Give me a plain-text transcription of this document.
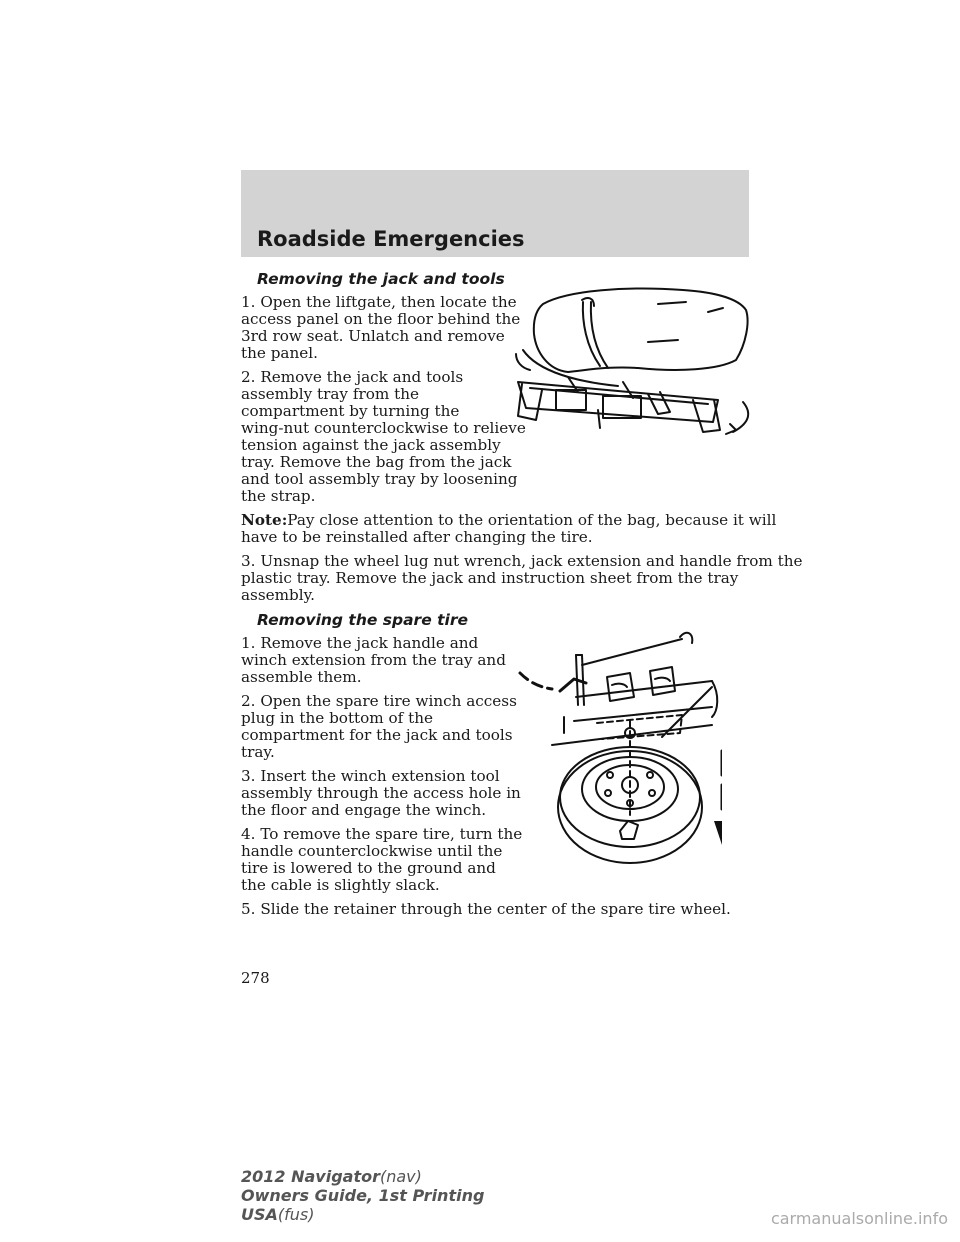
Roadside Emergencies
Removing the jack and tools

1. Open the liftgate, then locate the

access panel on the floor behind the

3rd row seat. Unlatch and remove

the panel.

2. Remove the jack and tools

assembly tray from the

compartment by turning the

wing-nut counterclockwise to relieve

tension against the jack assembly

tray. Remove the bag from the jack

and tool assembly tray by loosening

the strap.

Note:Pay close attention to the orientation of the bag, because it will

have to be reinstalled after changing the tire.

3. Unsnap the wheel lug nut wrench, jack extension and handle from the

plastic tray. Remove the jack and instruction sheet from the tray

assembly.

Removing the spare tire

1. Remove the jack handle and

winch extension from the tray and

assemble them.

2. Open the spare tire winch access

plug in the bottom of the

compartment for the jack and tools

tray.

3. Insert the winch extension tool

assembly through the access hole in

the floor and engage the winch.

4. To remove the spare tire, turn the

handle counterclockwise until the

tire is lowered to the ground and

the cable is slightly slack.

5. Slide the retainer through the center of the spare tire wheel.

278
2012 Navigator(nav)
Owners Guide, 1st Printing
USA(fus)	carmanualsonline.info
